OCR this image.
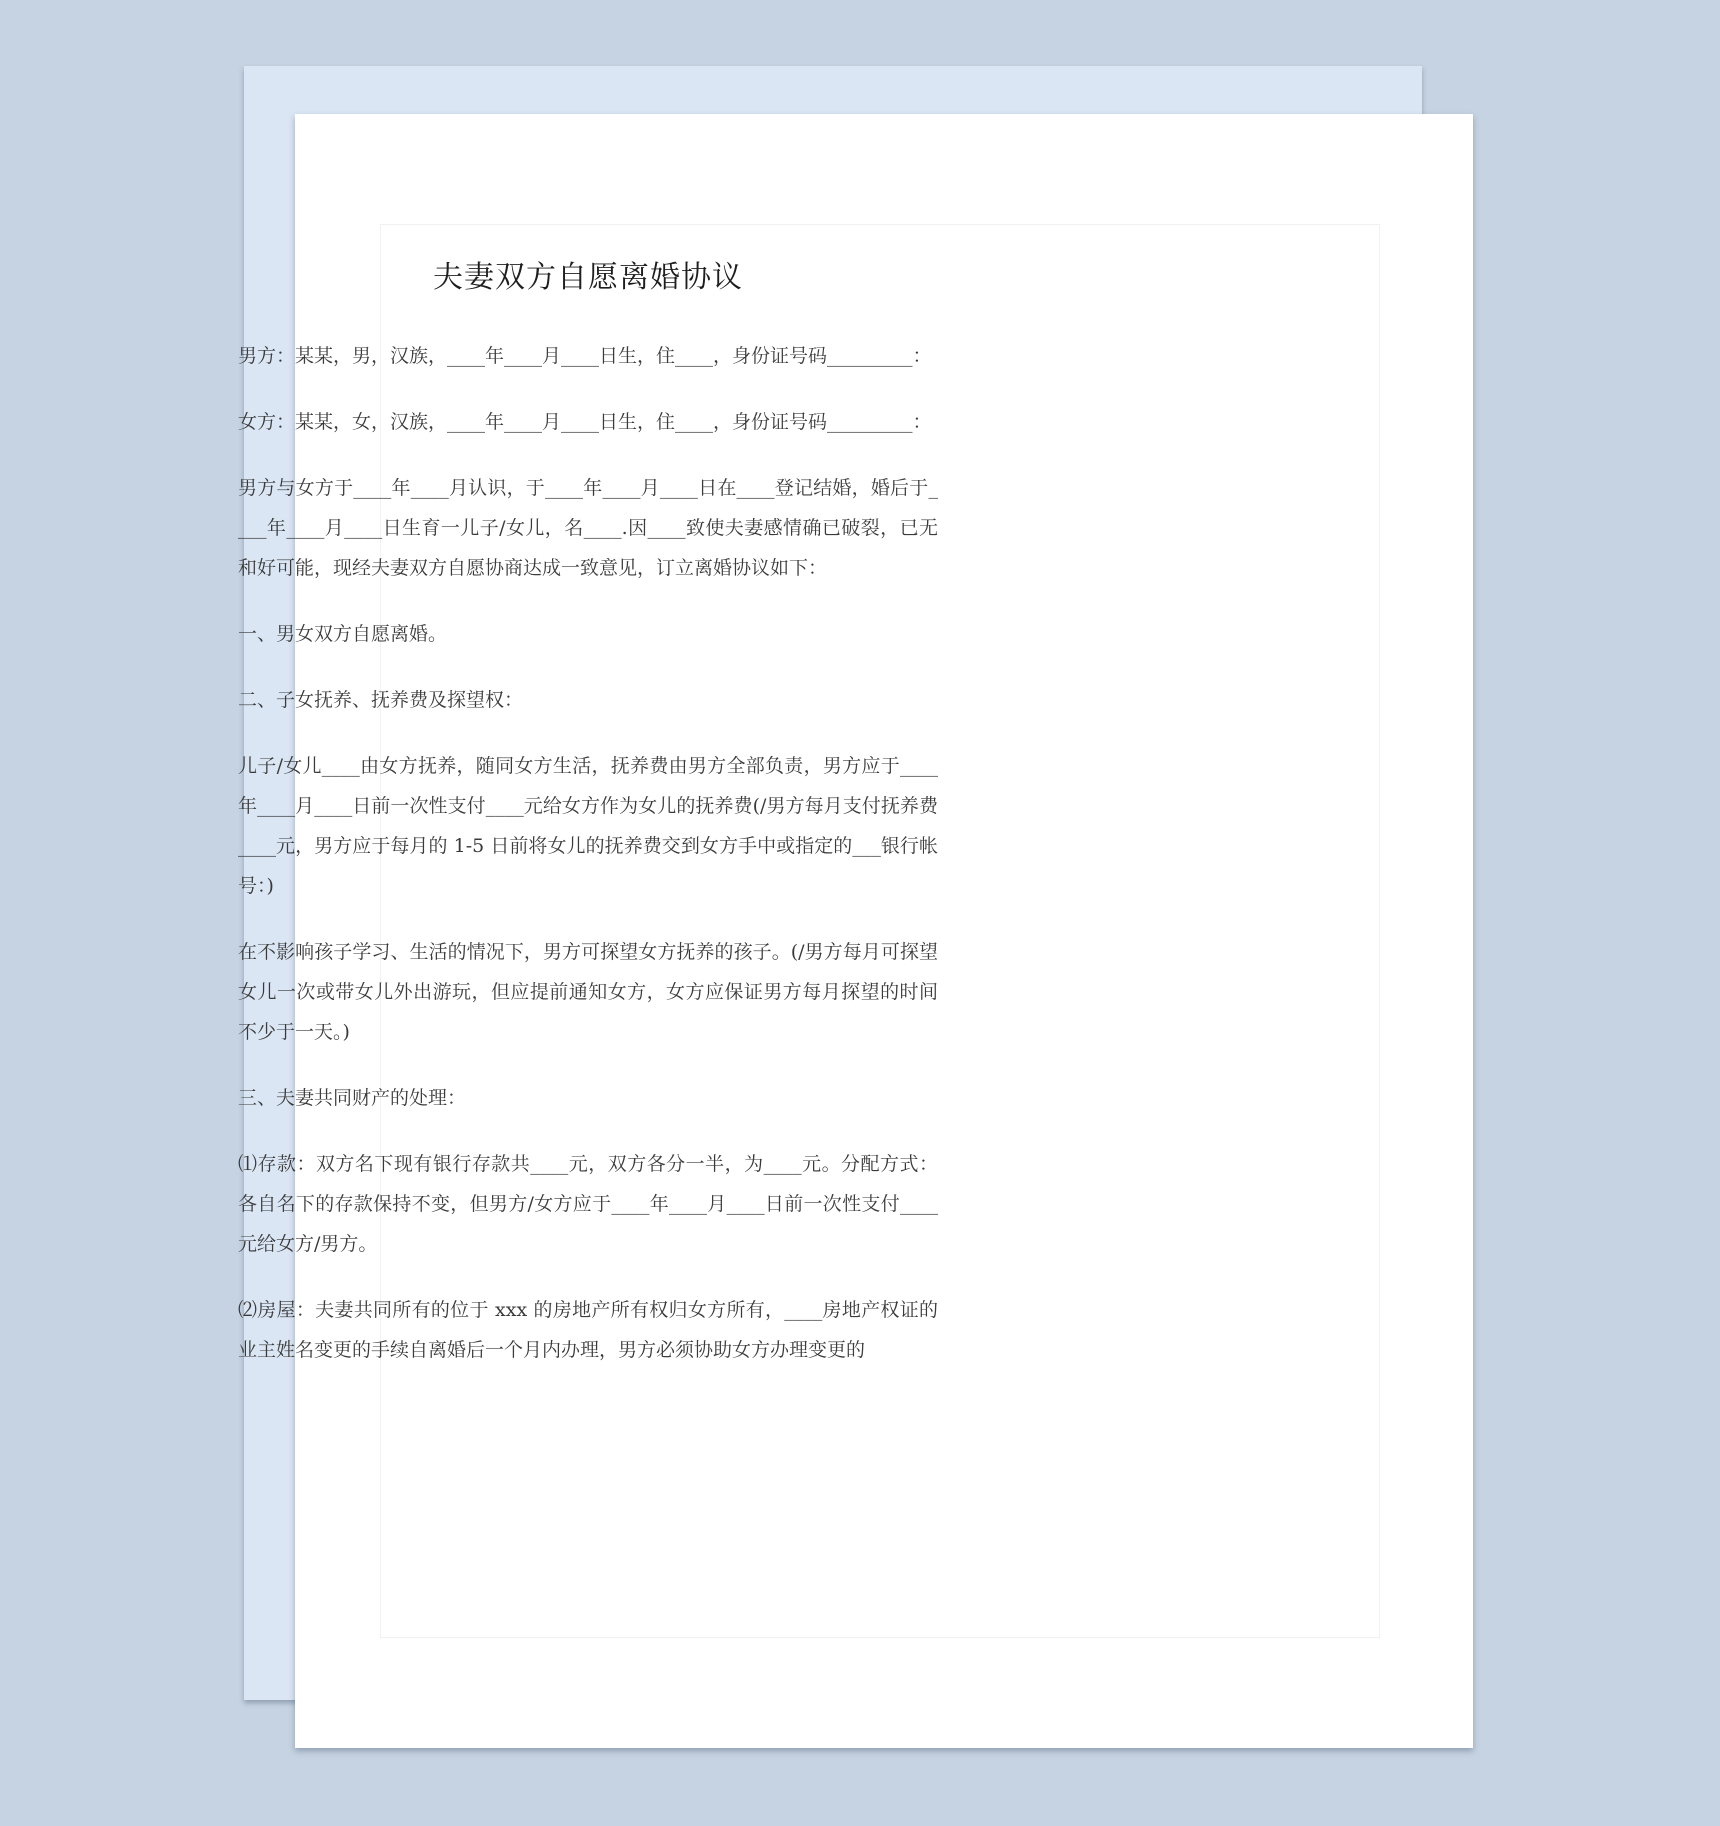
夫妻双方自愿离婚协议

男方：某某，男，汉族，____年____月____日生，住____，身份证号码_________：

女方：某某，女，汉族，____年____月____日生，住____，身份证号码_________：

男方与女方于____年____月认识，于____年____月____日在____登记结婚，婚后于____年____月____日生育一儿子/女儿，名____.因____致使夫妻感情确已破裂，已无和好可能，现经夫妻双方自愿协商达成一致意见，订立离婚协议如下：

一、男女双方自愿离婚。

二、子女抚养、抚养费及探望权：

儿子/女儿____由女方抚养，随同女方生活，抚养费由男方全部负责，男方应于____年____月____日前一次性支付____元给女方作为女儿的抚养费(/男方每月支付抚养费____元，男方应于每月的 1-5 日前将女儿的抚养费交到女方手中或指定的___银行帐号：)

在不影响孩子学习、生活的情况下，男方可探望女方抚养的孩子。(/男方每月可探望女儿一次或带女儿外出游玩，但应提前通知女方，女方应保证男方每月探望的时间不少于一天。)

三、夫妻共同财产的处理：

⑴存款：双方名下现有银行存款共____元，双方各分一半，为____元。分配方式：各自名下的存款保持不变，但男方/女方应于____年____月____日前一次性支付____元给女方/男方。

⑵房屋：夫妻共同所有的位于 xxx 的房地产所有权归女方所有，____房地产权证的业主姓名变更的手续自离婚后一个月内办理，男方必须协助女方办理变更的
